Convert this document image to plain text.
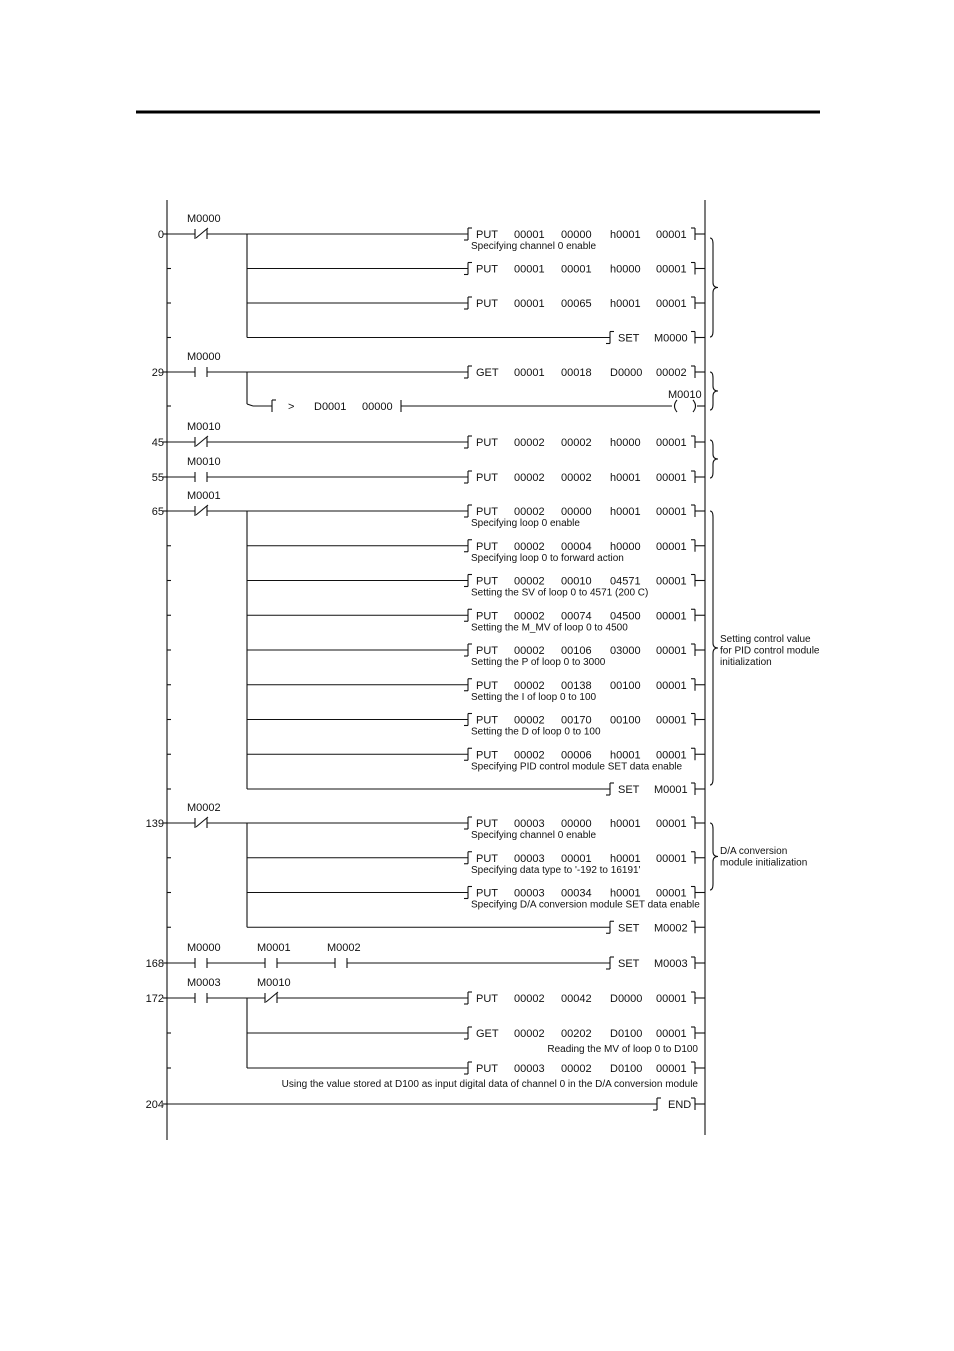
0
M0000
PUT 00001 00000 h0001 00001
Specifying channel 0 enable
PUT 00001 00001 h0000 00001
PUT 00001 00065 h0001 00001
SET M0000
29
M0000
GET 00001 00018 D0000 00002
> D0001 00000
M0010
45
M0010
PUT 00002 00002 h0000 00001
55
M0010
PUT 00002 00002 h0001 00001
65
M0001
PUT 00002 00000 h0001 00001
Specifying loop 0 enable
PUT 00002 00004 h0000 00001
Specifying loop 0 to forward action
PUT 00002 00010 04571 00001
Setting the SV of loop 0 to 4571 (200 C)
PUT 00002 00074 04500 00001
Setting the M_MV of loop 0 to 4500
PUT 00002 00106 03000 00001
Setting the P of loop 0 to 3000
PUT 00002 00138 00100 00001
Setting the I of loop 0 to 100
PUT 00002 00170 00100 00001
Setting the D of loop 0 to 100
PUT 00002 00006 h0001 00001
Specifying PID control module SET data enable
SET M0001
139
M0002
PUT 00003 00000 h0001 00001
Specifying channel 0 enable
PUT 00003 00001 h0001 00001
Specifying data type to '-192 to 16191'
PUT 00003 00034 h0001 00001
Specifying D/A conversion module SET data enable
SET M0002
168
M0000	M0001	M0002
SET M0003
172
M0003	M0010
PUT 00002 00042 D0000 00001
GET 00002 00202 D0100 00001
Reading the MV of loop 0 to D100
PUT 00003 00002 D0100 00001
Using the value stored at D100 as input digital data of channel 0 in the D/A conversion module
204	END
Setting control value
for PID control module
initialization
D/A conversion
module initialization
